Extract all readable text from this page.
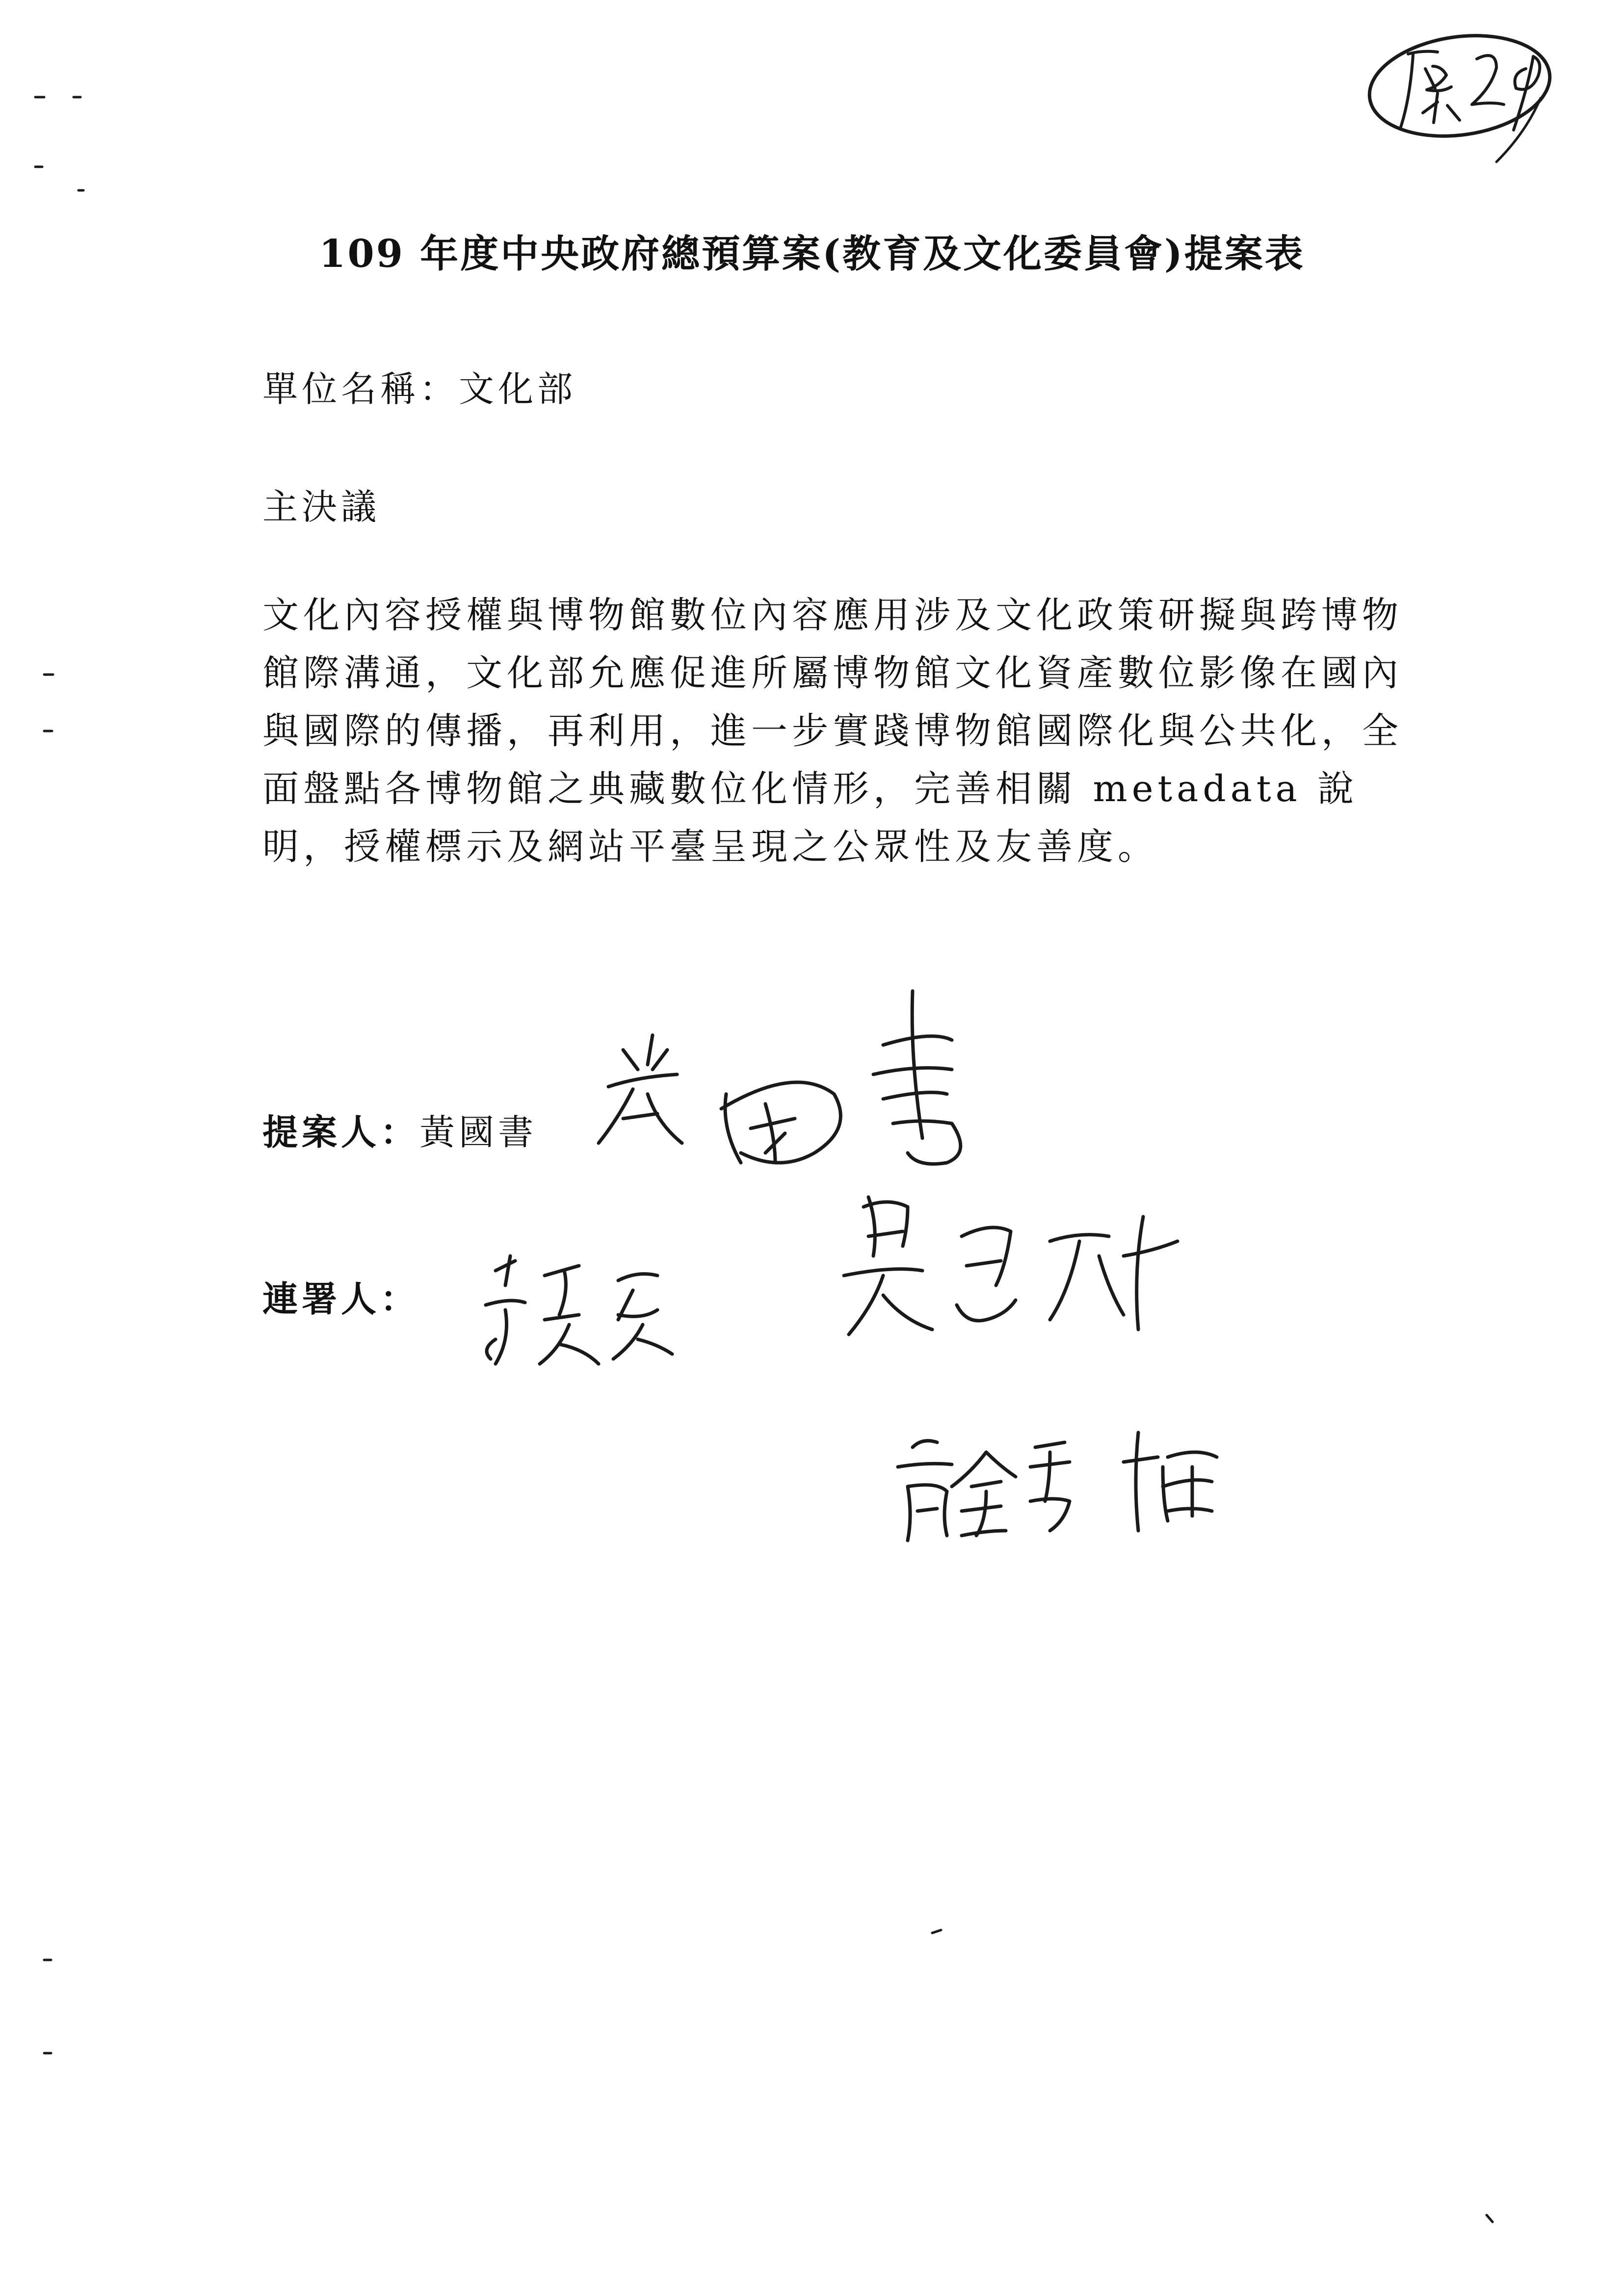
109 年度中央政府總預算案(教育及文化委員會)提案表

單位名稱：文化部

主決議

文化內容授權與博物館數位內容應用涉及文化政策研擬與跨博物館際溝通，文化部允應促進所屬博物館文化資產數位影像在國內與國際的傳播，再利用，進一步實踐博物館國際化與公共化，全面盤點各博物館之典藏數位化情形，完善相關 metadata 說明，授權標示及網站平臺呈現之公眾性及友善度。

提案人：黃國書

連署人：
